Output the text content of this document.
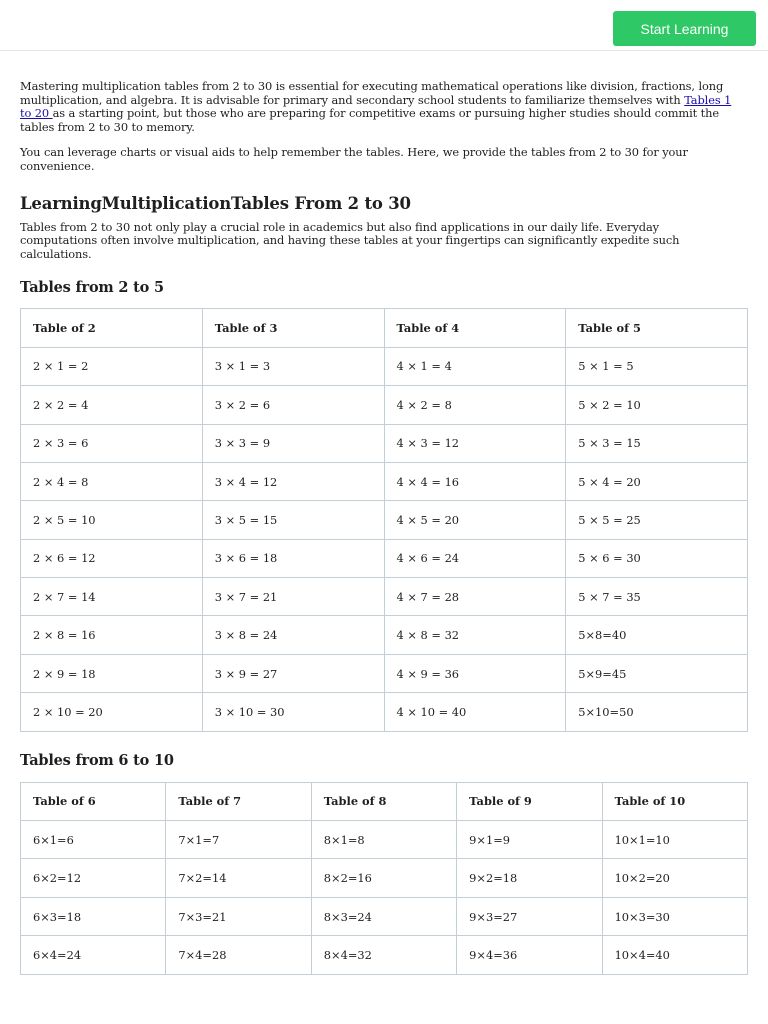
Start Learning

Mastering multiplication tables from 2 to 30 is essential for executing mathematical operations like division, fractions, long multiplication, and algebra. It is advisable for primary and secondary school students to familiarize themselves with Tables 1 to 20 as a starting point, but those who are preparing for competitive exams or pursuing higher studies should commit the tables from 2 to 30 to memory.

You can leverage charts or visual aids to help remember the tables. Here, we provide the tables from 2 to 30 for your convenience.

LearningMultiplicationTables From 2 to 30

Tables from 2 to 30 not only play a crucial role in academics but also find applications in our daily life. Everyday computations often involve multiplication, and having these tables at your fingertips can significantly expedite such calculations.

Tables from 2 to 5
Table of 2	Table of 3	Table of 4	Table of 5
2 × 1 = 2	3 × 1 = 3	4 × 1 = 4	5 × 1 = 5
2 × 2 = 4	3 × 2 = 6	4 × 2 = 8	5 × 2 = 10
2 × 3 = 6	3 × 3 = 9	4 × 3 = 12	5 × 3 = 15
2 × 4 = 8	3 × 4 = 12	4 × 4 = 16	5 × 4 = 20
2 × 5 = 10	3 × 5 = 15	4 × 5 = 20	5 × 5 = 25
2 × 6 = 12	3 × 6 = 18	4 × 6 = 24	5 × 6 = 30
2 × 7 = 14	3 × 7 = 21	4 × 7 = 28	5 × 7 = 35
2 × 8 = 16	3 × 8 = 24	4 × 8 = 32	5×8=40
2 × 9 = 18	3 × 9 = 27	4 × 9 = 36	5×9=45
2 × 10 = 20	3 × 10 = 30	4 × 10 = 40	5×10=50
Tables from 6 to 10
Table of 6	Table of 7	Table of 8	Table of 9	Table of 10
6×1=6	7×1=7	8×1=8	9×1=9	10×1=10
6×2=12	7×2=14	8×2=16	9×2=18	10×2=20
6×3=18	7×3=21	8×3=24	9×3=27	10×3=30
6×4=24	7×4=28	8×4=32	9×4=36	10×4=40
